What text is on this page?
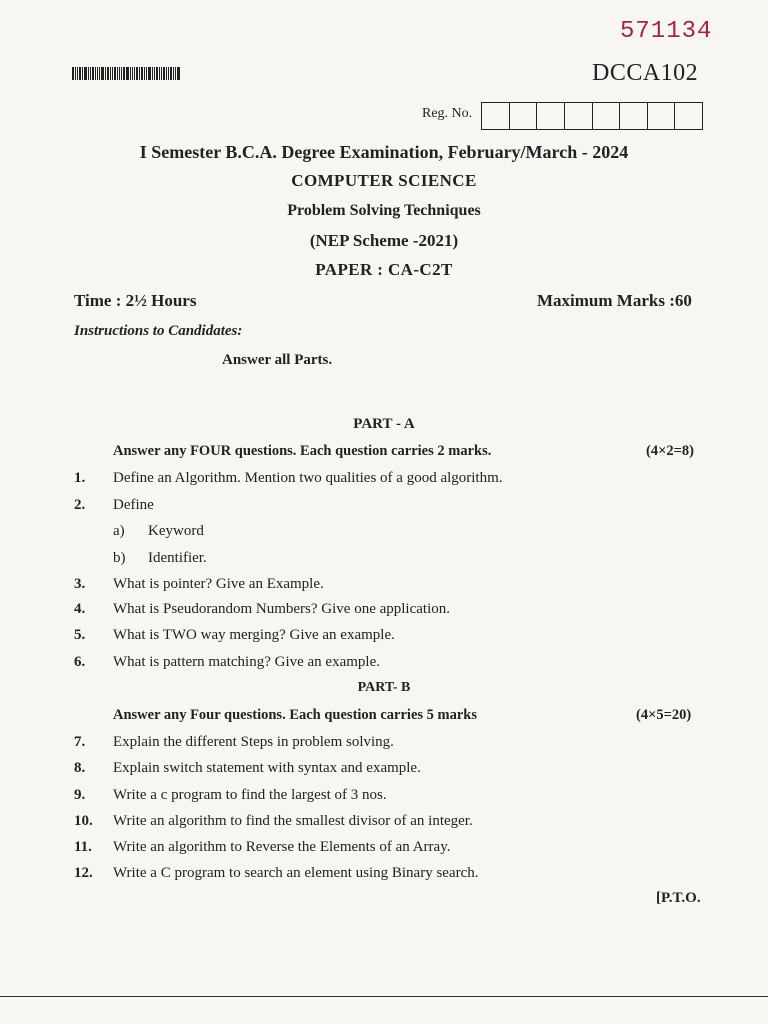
571134
DCCA102
Reg. No.
I Semester B.C.A. Degree Examination, February/March - 2024
COMPUTER SCIENCE
Problem Solving Techniques
(NEP Scheme -2021)
PAPER : CA-C2T
Time : 2½ Hours	Maximum Marks :60
Instructions to Candidates:
Answer all Parts.
PART - A
Answer any FOUR questions. Each question carries 2 marks.	(4×2=8)
1. Define an Algorithm. Mention two qualities of a good algorithm.
2. Define
a) Keyword
b) Identifier.
3. What is pointer? Give an Example.
4. What is Pseudorandom Numbers? Give one application.
5. What is TWO way merging? Give an example.
6. What is pattern matching? Give an example.
PART- B
Answer any Four questions. Each question carries 5 marks	(4×5=20)
7. Explain the different Steps in problem solving.
8. Explain switch statement with syntax and example.
9. Write a c program to find the largest of 3 nos.
10. Write an algorithm to find the smallest divisor of an integer.
11. Write an algorithm to Reverse the Elements of an Array.
12. Write a C program to search an element using Binary search.
[P.T.O.
